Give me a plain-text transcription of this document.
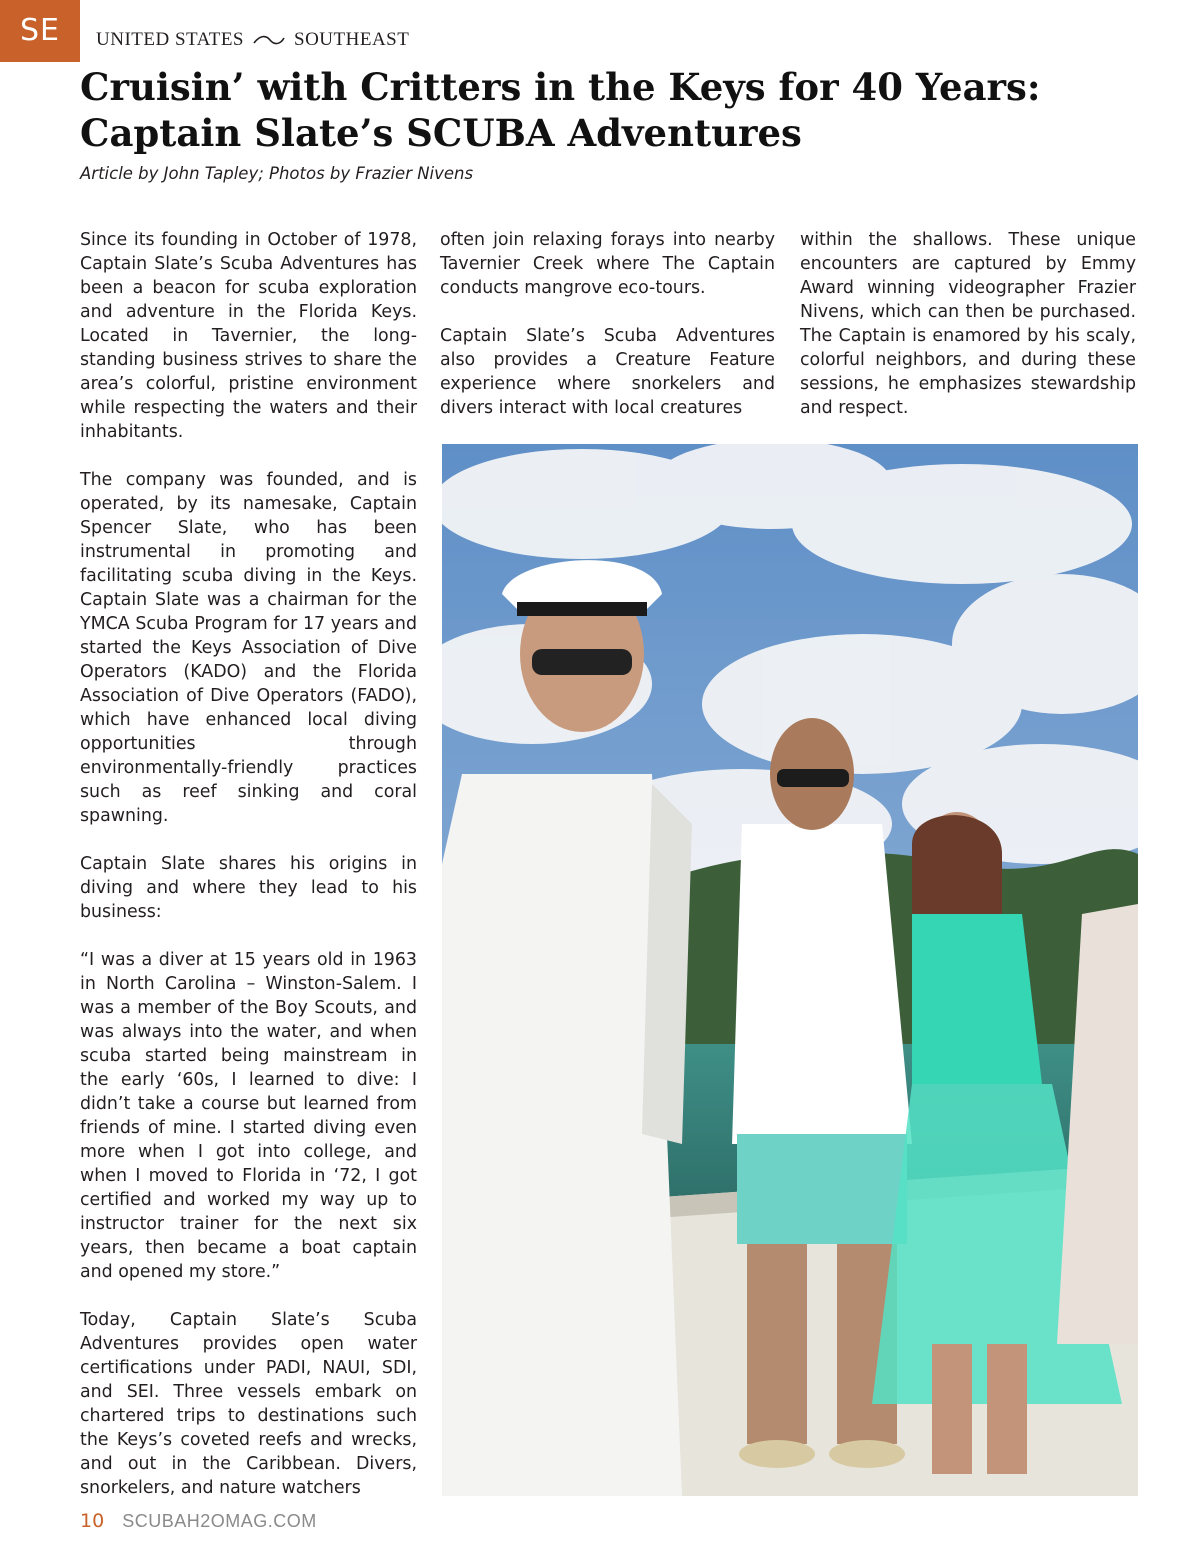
SE	UNITED STATES	SOUTHEAST
Cruisin’ with Critters in the Keys for 40 Years:
Captain Slate’s SCUBA Adventures
Article by John Tapley; Photos by Frazier Nivens

Since its founding in October of 1978, Captain Slate’s Scuba Adventures has been a beacon for scuba exploration and adventure in the Florida Keys. Located in Tavernier, the long-standing business strives to share the area’s colorful, pristine environment while respecting the waters and their inhabitants.

The company was founded, and is operated, by its namesake, Captain Spencer Slate, who has been instrumental in promoting and facilitating scuba diving in the Keys. Captain Slate was a chairman for the YMCA Scuba Program for 17 years and started the Keys Association of Dive Operators (KADO) and the Florida Association of Dive Operators (FADO), which have enhanced local diving opportunities through environmentally-friendly practices such as reef sinking and coral spawning.

Captain Slate shares his origins in diving and where they lead to his business:

“I was a diver at 15 years old in 1963 in North Carolina – Winston-Salem. I was a member of the Boy Scouts, and was always into the water, and when scuba started being mainstream in the early ‘60s, I learned to dive: I didn’t take a course but learned from friends of mine. I started diving even more when I got into college, and when I moved to Florida in ‘72, I got certified and worked my way up to instructor trainer for the next six years, then became a boat captain and opened my store.”

Today, Captain Slate’s Scuba Adventures provides open water certifications under PADI, NAUI, SDI, and SEI. Three vessels embark on chartered trips to destinations such the Keys’s coveted reefs and wrecks, and out in the Caribbean. Divers, snorkelers, and nature watchers

often join relaxing forays into nearby Tavernier Creek where The Captain conducts mangrove eco-tours.

Captain Slate’s Scuba Adventures also provides a Creature Feature experience where snorkelers and divers interact with local creatures

within the shallows. These unique encounters are captured by Emmy Award winning videographer Frazier Nivens, which can then be purchased. The Captain is enamored by his scaly, colorful neighbors, and during these sessions, he emphasizes stewardship and respect.

10 SCUBAH2OMAG.COM
